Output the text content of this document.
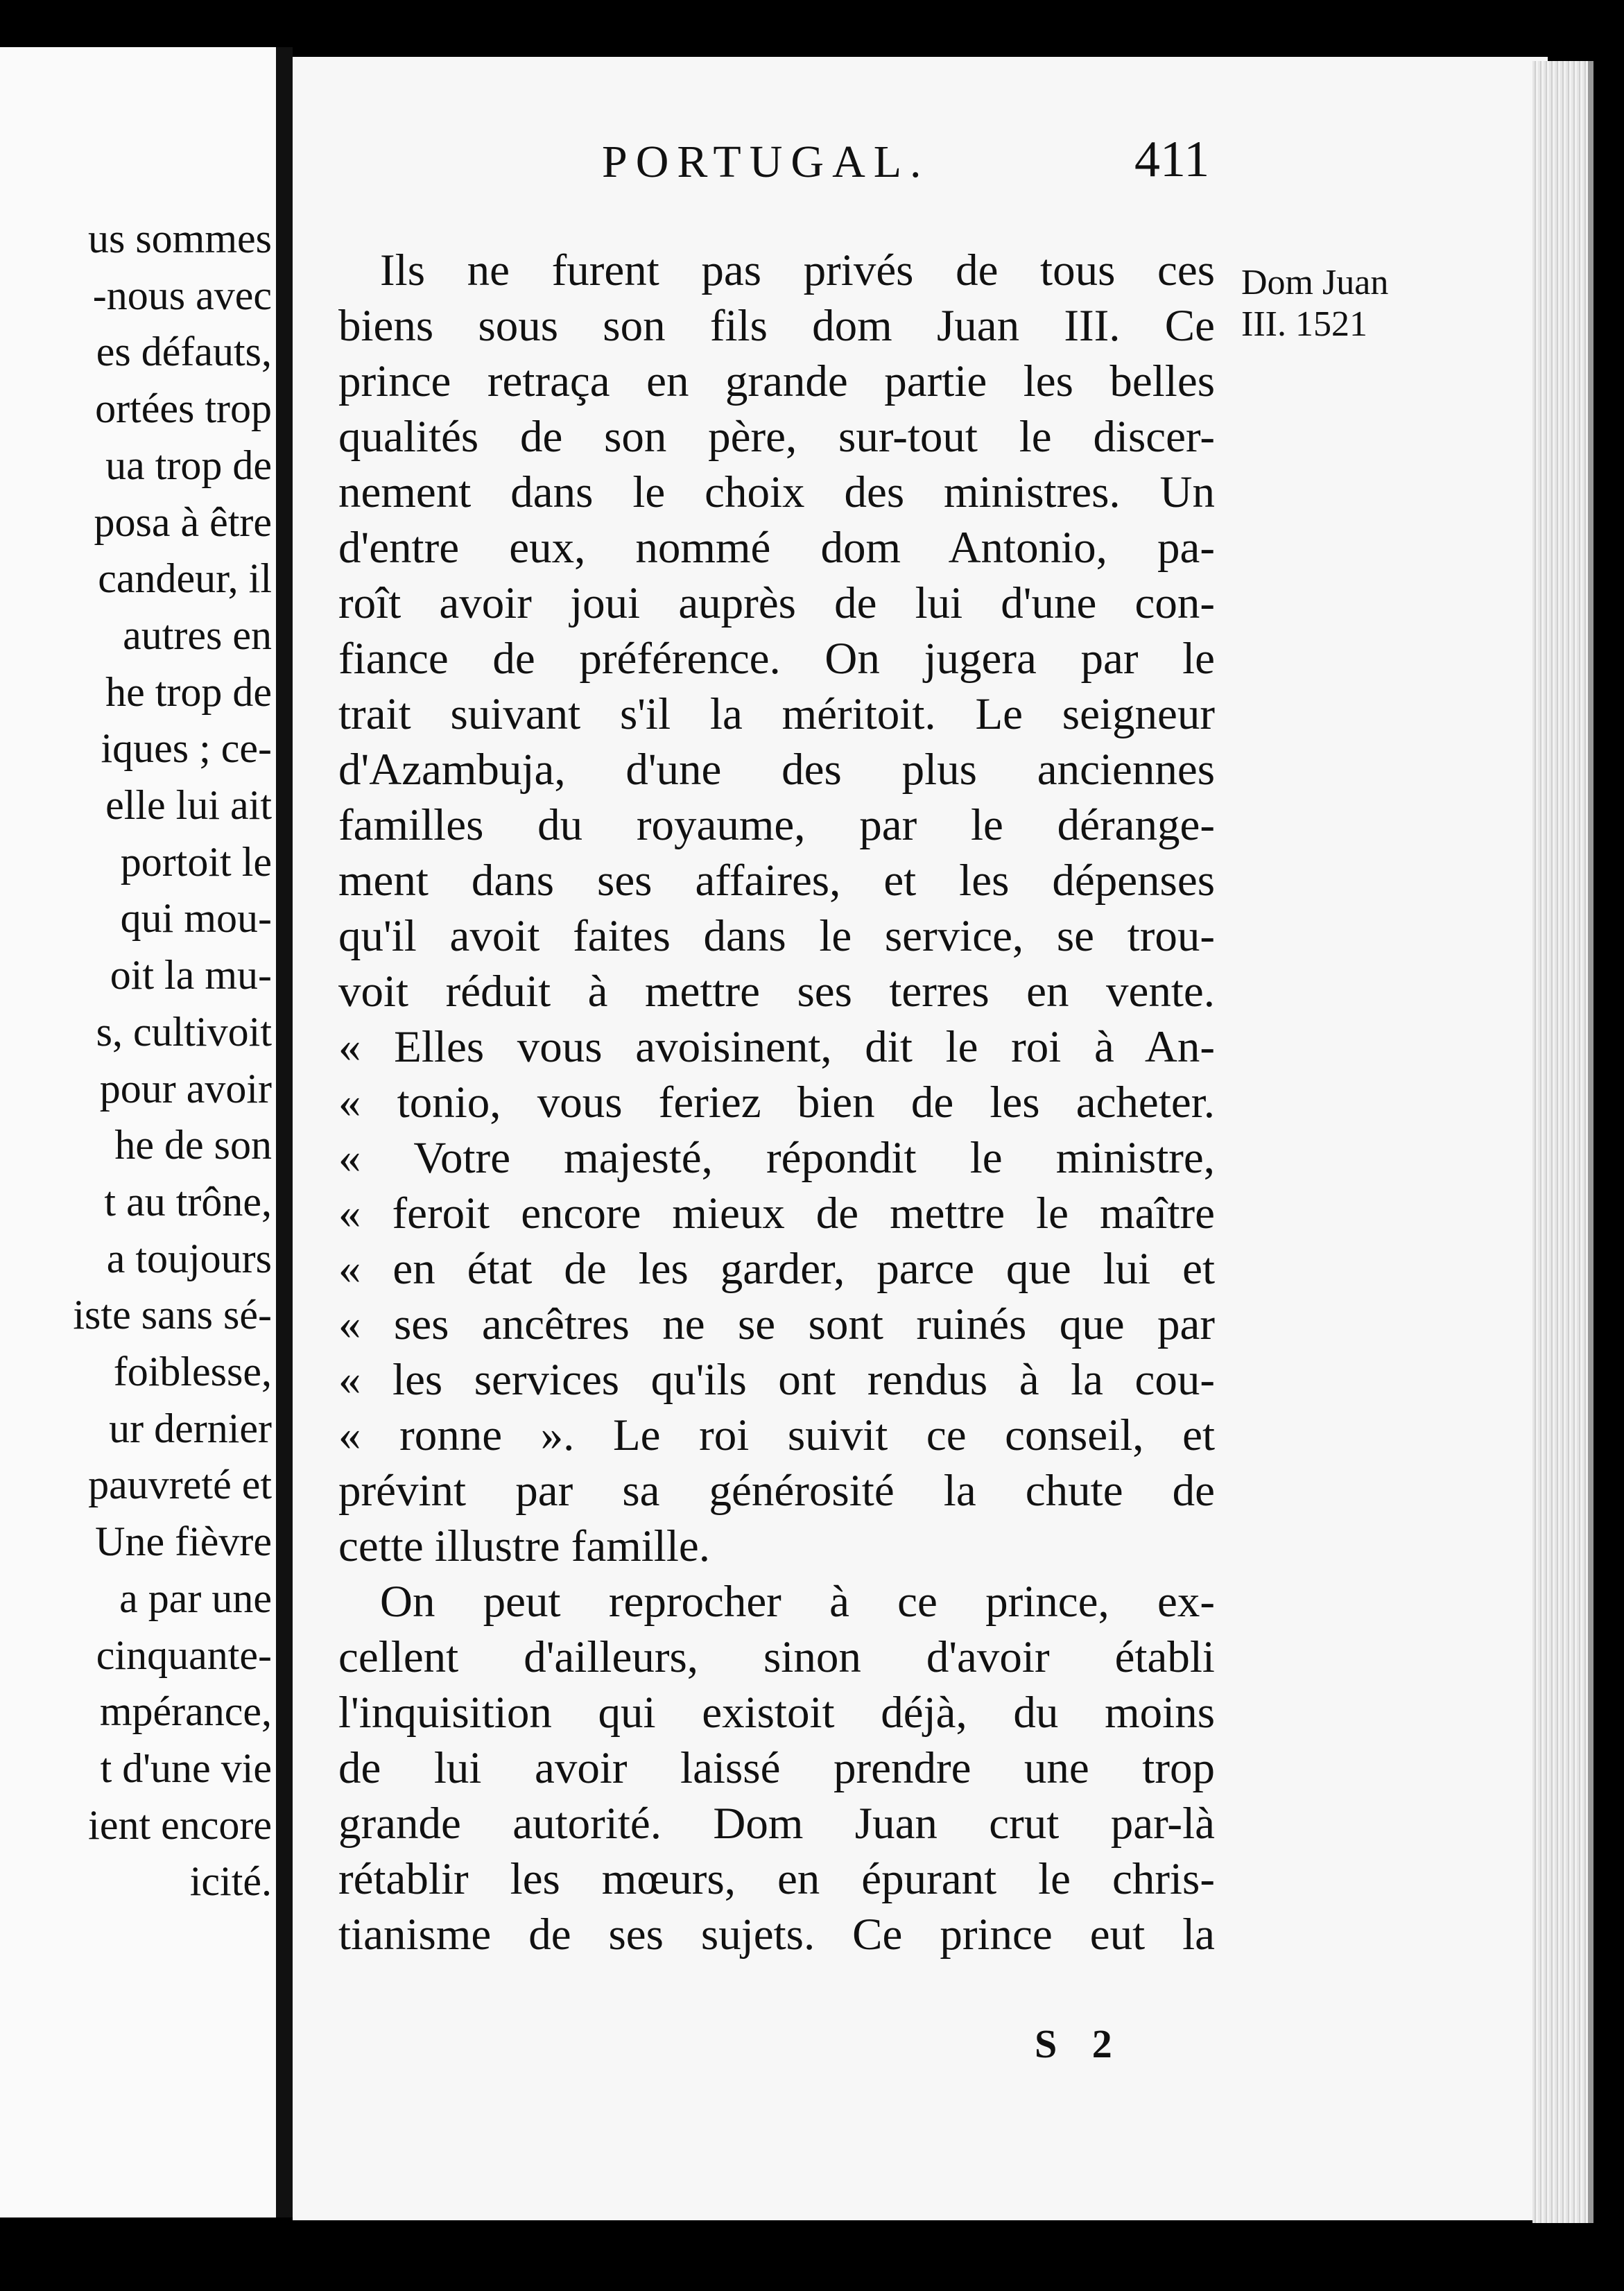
us sommes
-nous avec
es défauts,
ortées trop
ua trop de
posa à être
candeur, il
autres en
he trop de
iques ; ce-
elle lui ait
portoit le
qui mou-
oit la mu-
s, cultivoit
pour avoir
he de son
t au trône,
a toujours
iste sans sé-
foiblesse,
ur dernier
pauvreté et
Une fièvre
a par une
cinquante-
mpérance,
t d'une vie
ient encore
icité.
PORTUGAL.	411
Dom Juan
III. 1521

Ils ne furent pas privés de tous ces

biens sous son fils dom Juan III. Ce

prince retraça en grande partie les belles

qualités de son père, sur-tout le discer-

nement dans le choix des ministres. Un

d'entre eux, nommé dom Antonio, pa-

roît avoir joui auprès de lui d'une con-

fiance de préférence. On jugera par le

trait suivant s'il la méritoit. Le seigneur

d'Azambuja, d'une des plus anciennes

familles du royaume, par le dérange-

ment dans ses affaires, et les dépenses

qu'il avoit faites dans le service, se trou-

voit réduit à mettre ses terres en vente.

« Elles vous avoisinent, dit le roi à An-

« tonio, vous feriez bien de les acheter.

« Votre majesté, répondit le ministre,

« feroit encore mieux de mettre le maître

« en état de les garder, parce que lui et

« ses ancêtres ne se sont ruinés que par

« les services qu'ils ont rendus à la cou-

« ronne ». Le roi suivit ce conseil, et

prévint par sa générosité la chute de

cette illustre famille.

On peut reprocher à ce prince, ex-

cellent d'ailleurs, sinon d'avoir établi

l'inquisition qui existoit déjà, du moins

de lui avoir laissé prendre une trop

grande autorité. Dom Juan crut par-là

rétablir les mœurs, en épurant le chris-

tianisme de ses sujets. Ce prince eut la

S 2
